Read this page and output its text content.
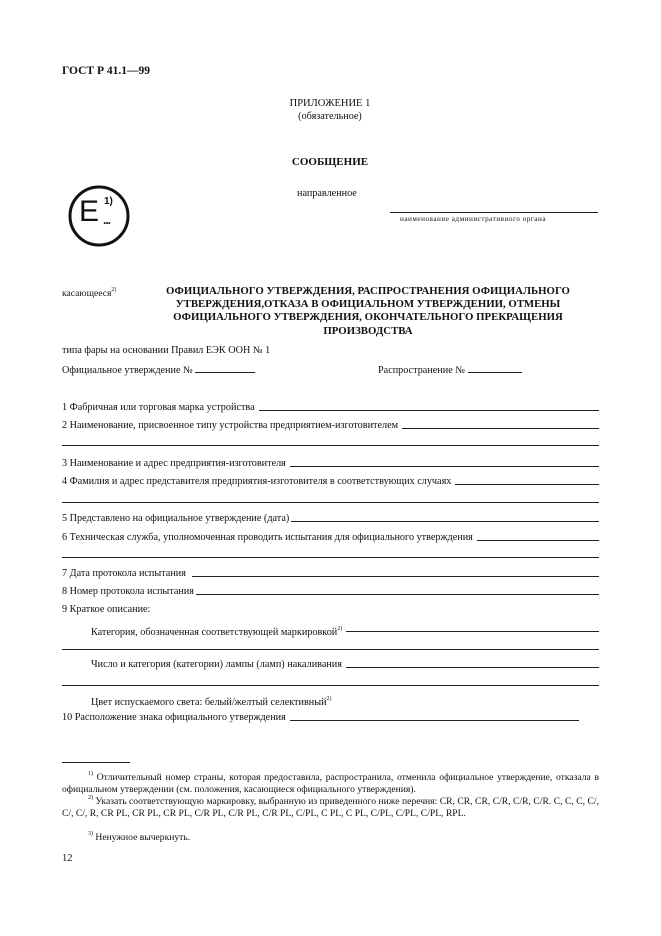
ГОСТ Р 41.1—99
ПРИЛОЖЕНИЕ 1
(обязательное)
СООБЩЕНИЕ
направленное
наименование административного органа
E 1)
...
касающееся$^{2)}$	ОФИЦИАЛЬНОГО УТВЕРЖДЕНИЯ, РАСПРОСТРАНЕНИЯ ОФИЦИАЛЬНОГО
УТВЕРЖДЕНИЯ,ОТКАЗА В ОФИЦИАЛЬНОМ УТВЕРЖДЕНИИ, ОТМЕНЫ
ОФИЦИАЛЬНОГО УТВЕРЖДЕНИЯ, ОКОНЧАТЕЛЬНОГО ПРЕКРАЩЕНИЯ
ПРОИЗВОДСТВА
типа фары на основании Правил ЕЭК ООН № 1
Официальное утверждение №	Распространение №
1 Фабричная или торговая марка устройства
2 Наименование, присвоенное типу устройства предприятием-изготовителем
3 Наименование и адрес предприятия-изготовителя
4 Фамилия и адрес представителя предприятия-изготовителя в соответствующих случаях
5 Представлено на официальное утверждение (дата)
6 Техническая служба, уполномоченная проводить испытания для официального утверждения
7 Дата протокола испытания
8 Номер протокола испытания
9 Краткое описание:
Категория, обозначенная соответствующей маркировкой$^{2)}$
Число и категория (категории) лампы (ламп) накаливания
Цвет испускаемого света: белый/желтый селективный$^{2)}$
10 Расположение знака официального утверждения
$^{1)}$ Отличительный номер страны, которая предоставила, распространила, отменила официальное утверждение, отказала в официальном утверждении (см. положения, касающиеся официального утверждения).
$^{2)}$ Указать соответствующую маркировку, выбранную из приведенного ниже перечня: CR, CR, CR, C/R, C/R, C/R. C, C, C, C/, C/, C/, R, CR PL, CR PL, CR PL, C/R PL, C/R PL, C/R PL, C/PL, C PL, C PL, C/PL, C/PL, C/PL, RPL.
$^{3)}$ Ненужное вычеркнуть.
12
